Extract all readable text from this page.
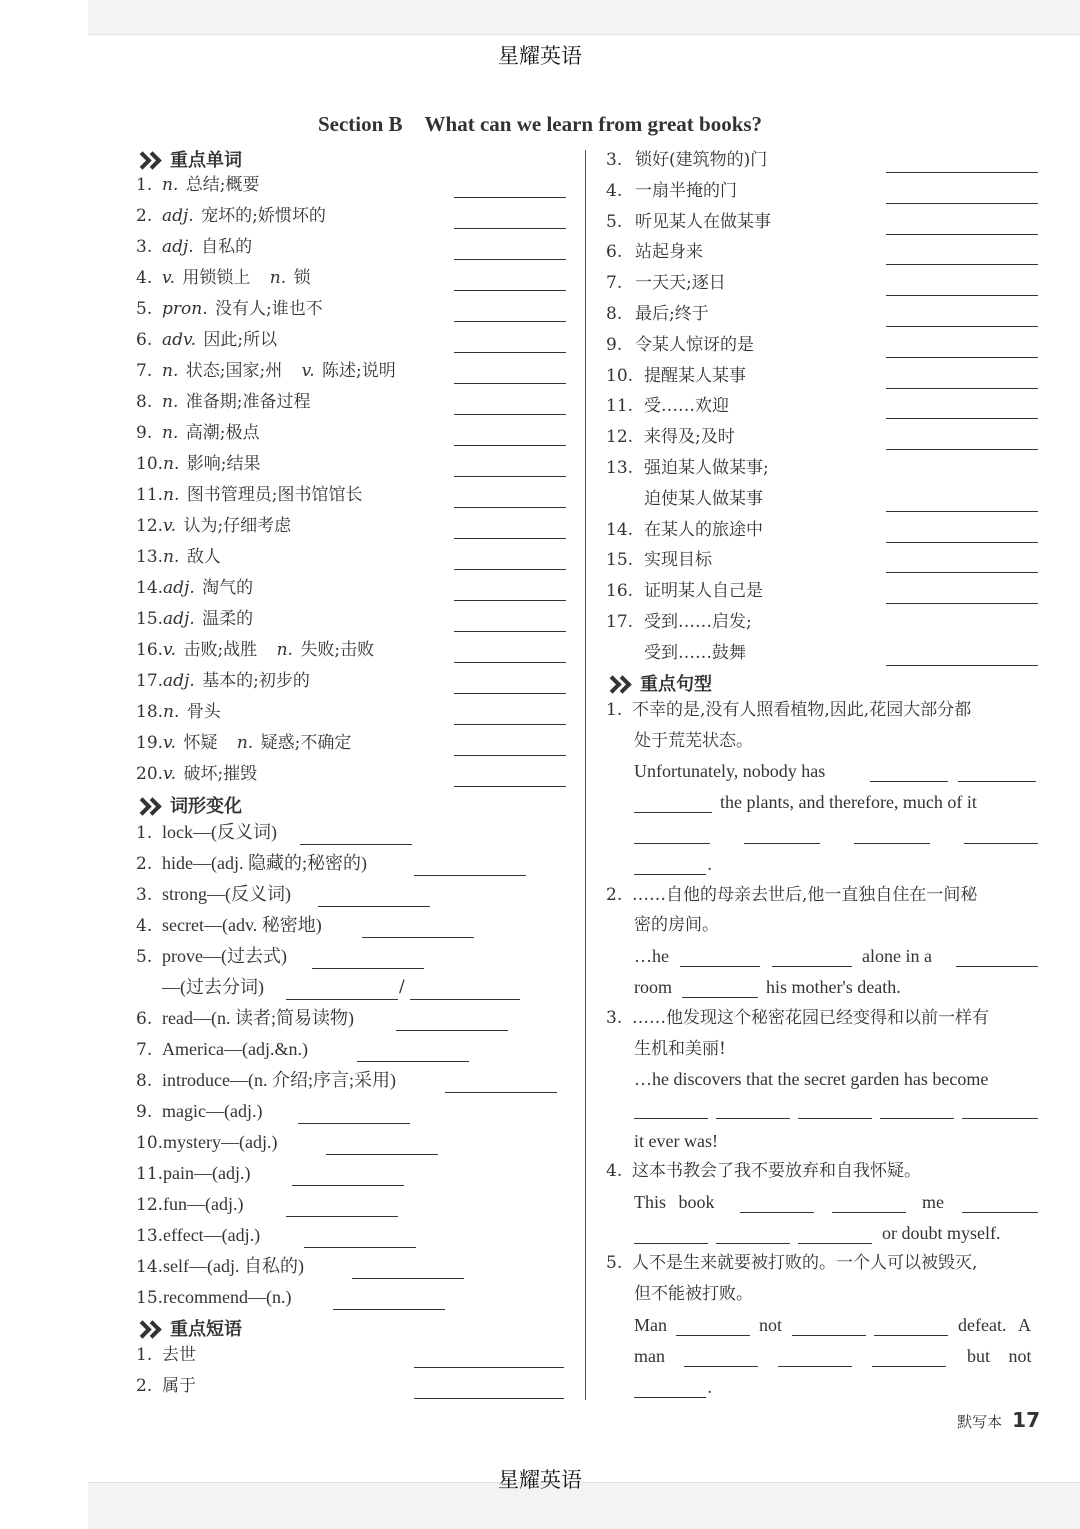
星耀英语
星耀英语
Section B What can we learn from great books?
重点单词
1. n. 总结;概要
2. adj. 宠坏的;娇惯坏的
3. adj. 自私的
4. v. 用锁锁上 n. 锁
5. pron. 没有人;谁也不
6. adv. 因此;所以
7. n. 状态;国家;州 v. 陈述;说明
8. n. 准备期;准备过程
9. n. 高潮;极点
10.n. 影响;结果
11.n. 图书管理员;图书馆馆长
12.v. 认为;仔细考虑
13.n. 敌人
14.adj. 淘气的
15.adj. 温柔的
16.v. 击败;战胜 n. 失败;击败
17.adj. 基本的;初步的
18.n. 骨头
19.v. 怀疑 n. 疑惑;不确定
20.v. 破坏;摧毁
词形变化
1. lock—(反义词)
2. hide—(adj. 隐藏的;秘密的)
3. strong—(反义词)
4. secret—(adv. 秘密地)
5. prove—(过去式)
—(过去分词)	/
6. read—(n. 读者;简易读物)
7. America—(adj.&n.)
8. introduce—(n. 介绍;序言;采用)
9. magic—(adj.)
10.mystery—(adj.)
11.pain—(adj.)
12.fun—(adj.)
13.effect—(adj.)
14.self—(adj. 自私的)
15.recommend—(n.)
重点短语
1. 去世
2. 属于
3. 锁好(建筑物的)门
4. 一扇半掩的门
5. 听见某人在做某事
6. 站起身来
7. 一天天;逐日
8. 最后;终于
9. 令某人惊讶的是
10. 提醒某人某事
11. 受……欢迎
12. 来得及;及时
13. 强迫某人做某事;
迫使某人做某事
14. 在某人的旅途中
15. 实现目标
16. 证明某人自己是
17. 受到……启发;
受到……鼓舞
重点句型
1. 不幸的是,没有人照看植物,因此,花园大部分都
处于荒芜状态。
Unfortunately, nobody has
the plants, and therefore, much of it
.
2. ……自他的母亲去世后,他一直独自住在一间秘
密的房间。
…he	alone in a
room	his mother's death.
3. ……他发现这个秘密花园已经变得和以前一样有
生机和美丽!
…he discovers that the secret garden has become
it ever was!
4. 这本书教会了我不要放弃和自我怀疑。
This book	me
or doubt myself.
5. 人不是生来就要被打败的。一个人可以被毁灭,
但不能被打败。
Man	not	defeat. A
man	but not
.
默写本 17
